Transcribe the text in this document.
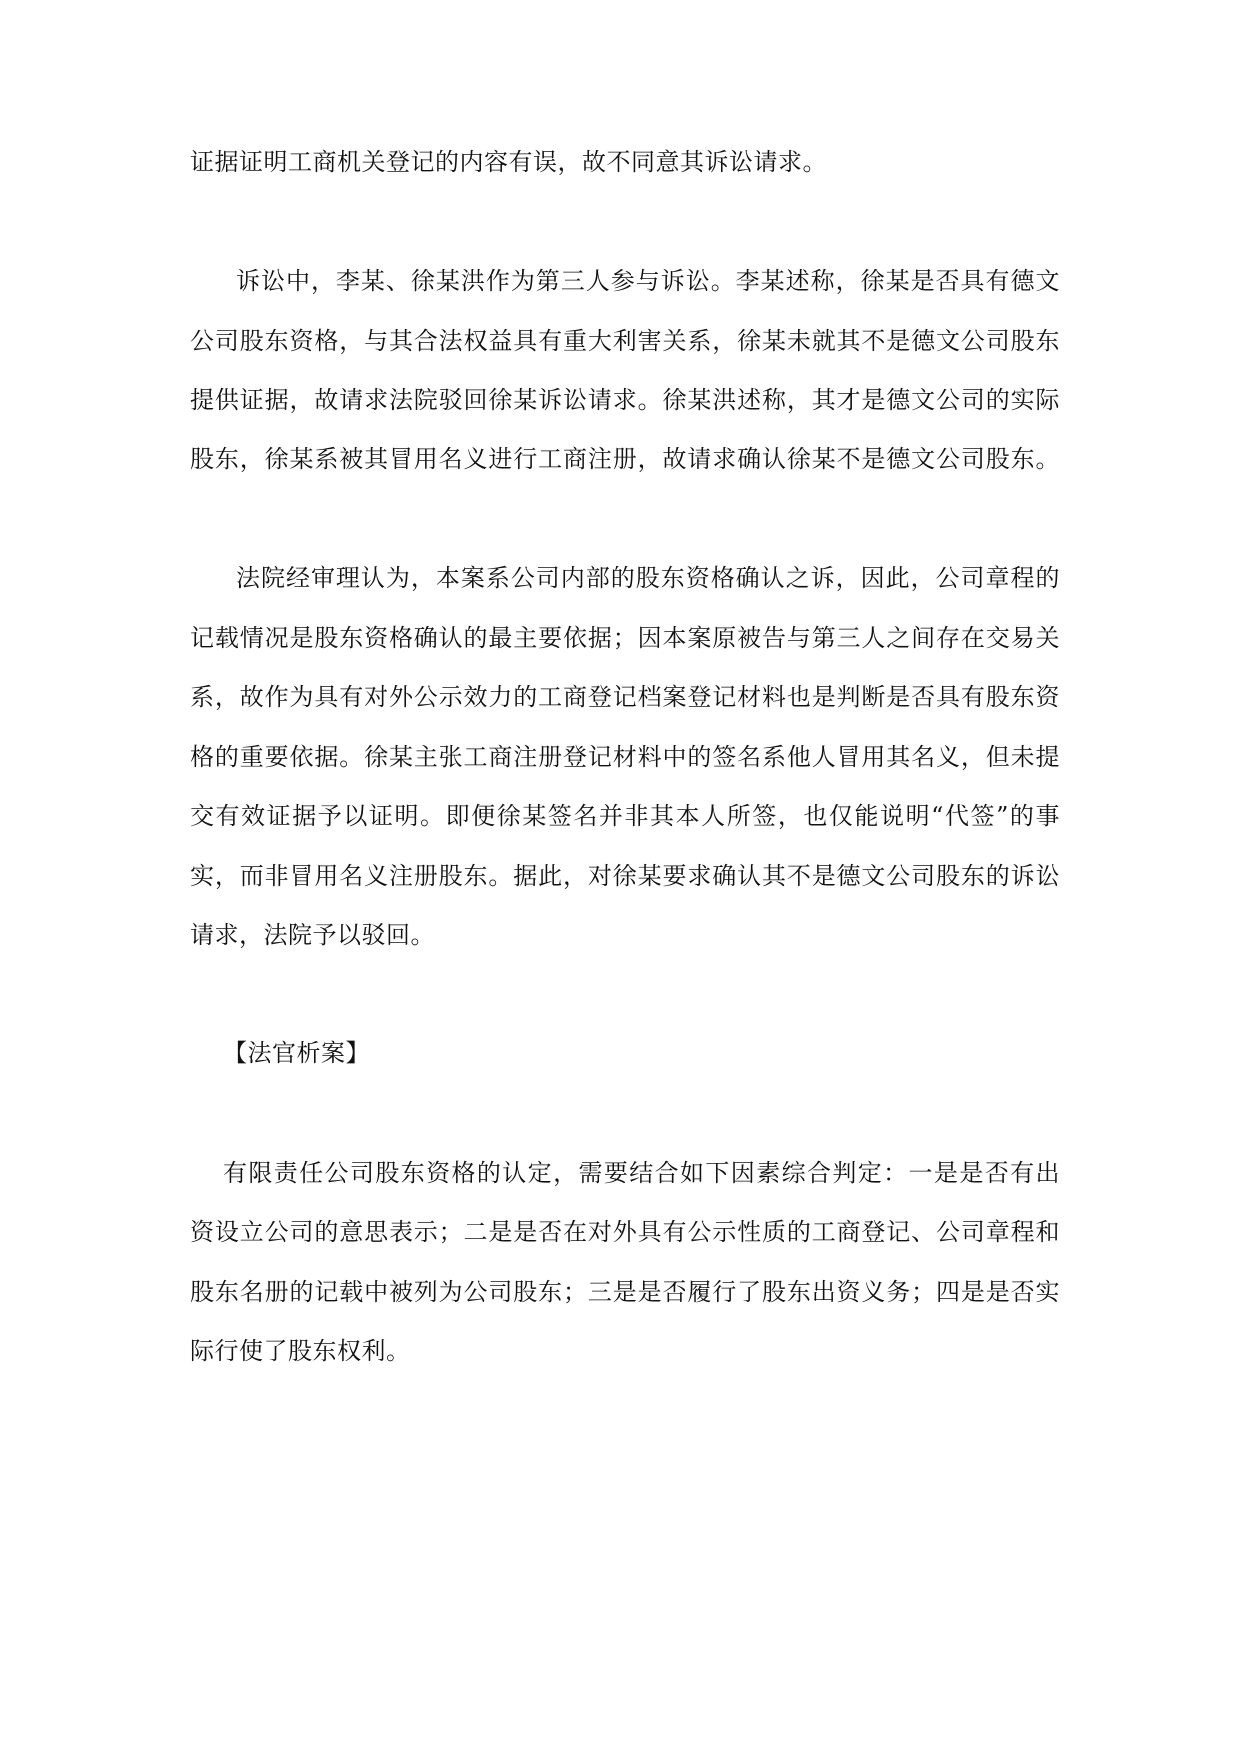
证据证明工商机关登记的内容有误，故不同意其诉讼请求。
诉讼中，李某、徐某洪作为第三人参与诉讼。李某述称，徐某是否具有德文
公司股东资格，与其合法权益具有重大利害关系，徐某未就其不是德文公司股东
提供证据，故请求法院驳回徐某诉讼请求。徐某洪述称，其才是德文公司的实际
股东，徐某系被其冒用名义进行工商注册，故请求确认徐某不是德文公司股东。
法院经审理认为，本案系公司内部的股东资格确认之诉，因此，公司章程的
记载情况是股东资格确认的最主要依据；因本案原被告与第三人之间存在交易关
系，故作为具有对外公示效力的工商登记档案登记材料也是判断是否具有股东资
格的重要依据。徐某主张工商注册登记材料中的签名系他人冒用其名义，但未提
交有效证据予以证明。即便徐某签名并非其本人所签，也仅能说明“代签”的事
实，而非冒用名义注册股东。据此，对徐某要求确认其不是德文公司股东的诉讼
请求，法院予以驳回。
【法官析案】
有限责任公司股东资格的认定，需要结合如下因素综合判定：一是是否有出
资设立公司的意思表示；二是是否在对外具有公示性质的工商登记、公司章程和
股东名册的记载中被列为公司股东；三是是否履行了股东出资义务；四是是否实
际行使了股东权利。
